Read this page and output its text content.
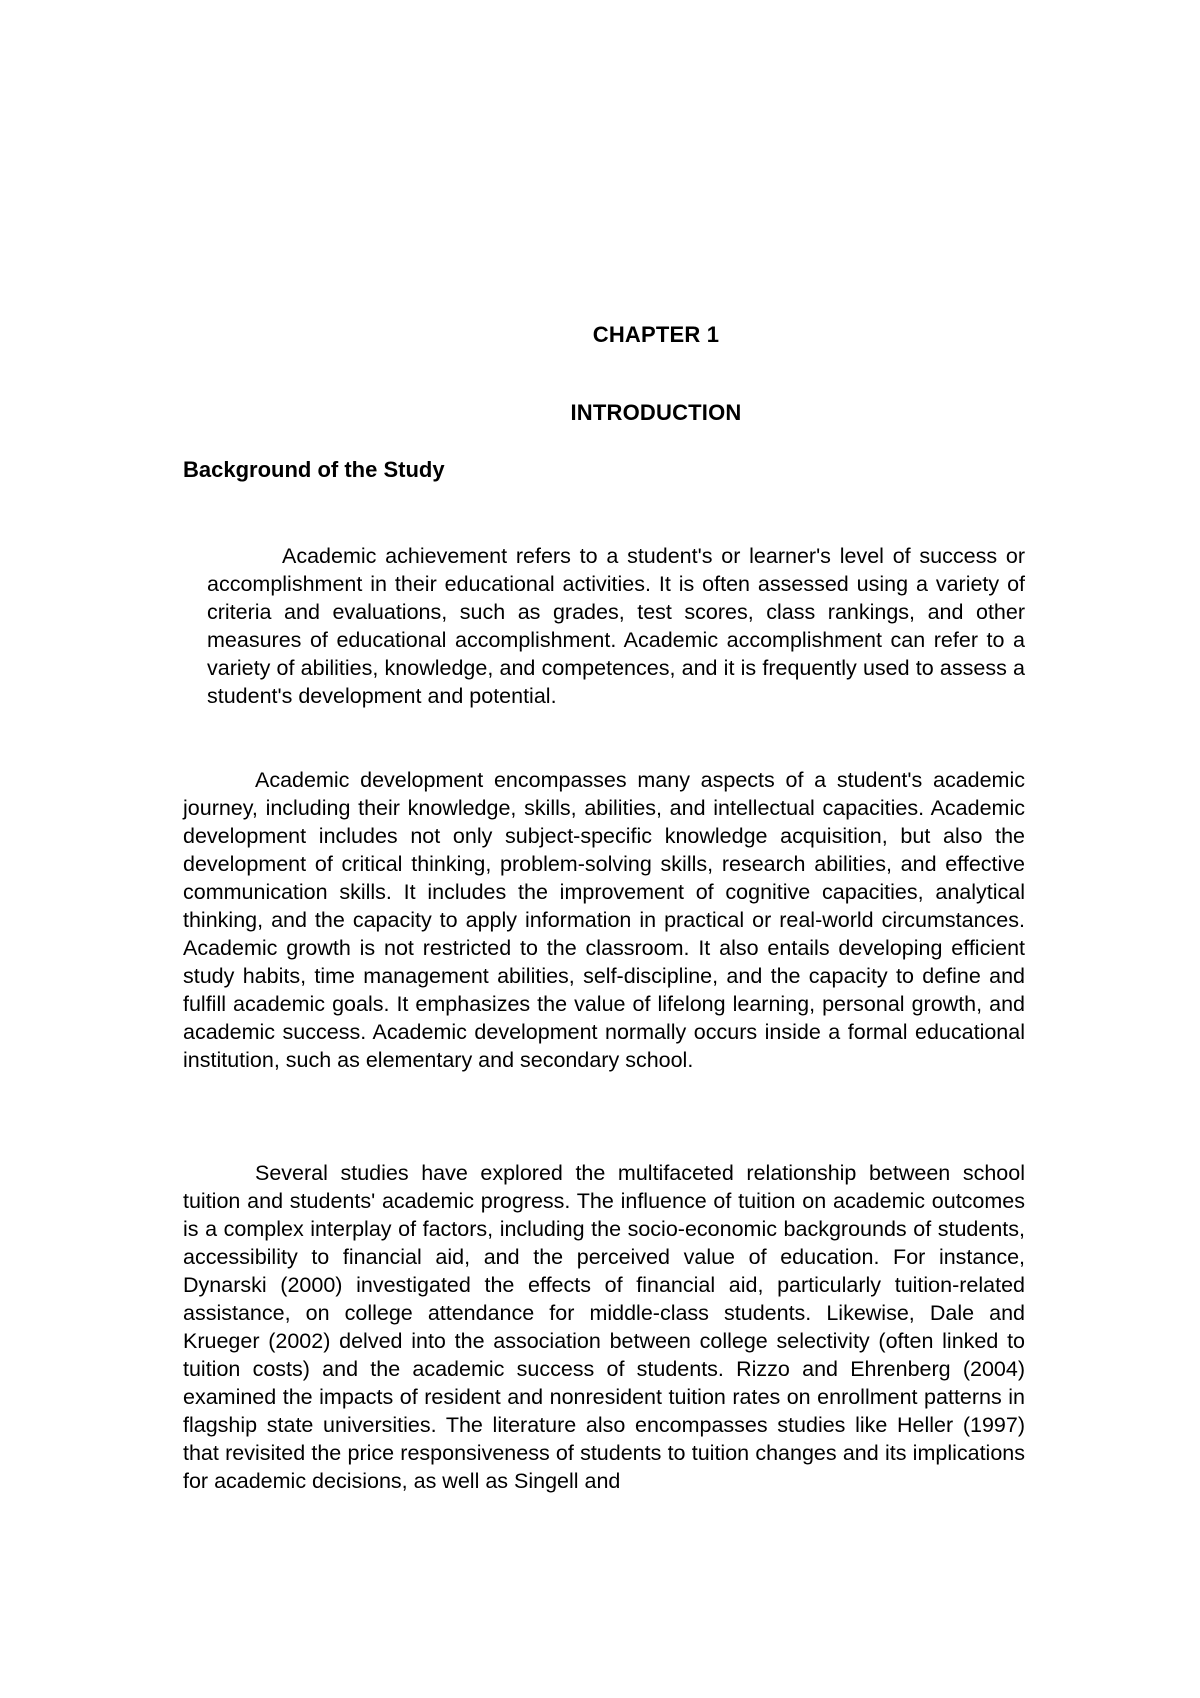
CHAPTER 1
INTRODUCTION
Background of the Study

Academic achievement refers to a student's or learner's level of success or accomplishment in their educational activities. It is often assessed using a variety of criteria and evaluations, such as grades, test scores, class rankings, and other measures of educational accomplishment. Academic accomplishment can refer to a variety of abilities, knowledge, and competences, and it is frequently used to assess a student's development and potential.

Academic development encompasses many aspects of a student's academic journey, including their knowledge, skills, abilities, and intellectual capacities. Academic development includes not only subject-specific knowledge acquisition, but also the development of critical thinking, problem-solving skills, research abilities, and effective communication skills. It includes the improvement of cognitive capacities, analytical thinking, and the capacity to apply information in practical or real-world circumstances. Academic growth is not restricted to the classroom. It also entails developing efficient study habits, time management abilities, self-discipline, and the capacity to define and fulfill academic goals. It emphasizes the value of lifelong learning, personal growth, and academic success. Academic development normally occurs inside a formal educational institution, such as elementary and secondary school.

Several studies have explored the multifaceted relationship between school tuition and students' academic progress. The influence of tuition on academic outcomes is a complex interplay of factors, including the socio-economic backgrounds of students, accessibility to financial aid, and the perceived value of education. For instance, Dynarski (2000) investigated the effects of financial aid, particularly tuition-related assistance, on college attendance for middle-class students. Likewise, Dale and Krueger (2002) delved into the association between college selectivity (often linked to tuition costs) and the academic success of students. Rizzo and Ehrenberg (2004) examined the impacts of resident and nonresident tuition rates on enrollment patterns in flagship state universities. The literature also encompasses studies like Heller (1997) that revisited the price responsiveness of students to tuition changes and its implications for academic decisions, as well as Singell and
